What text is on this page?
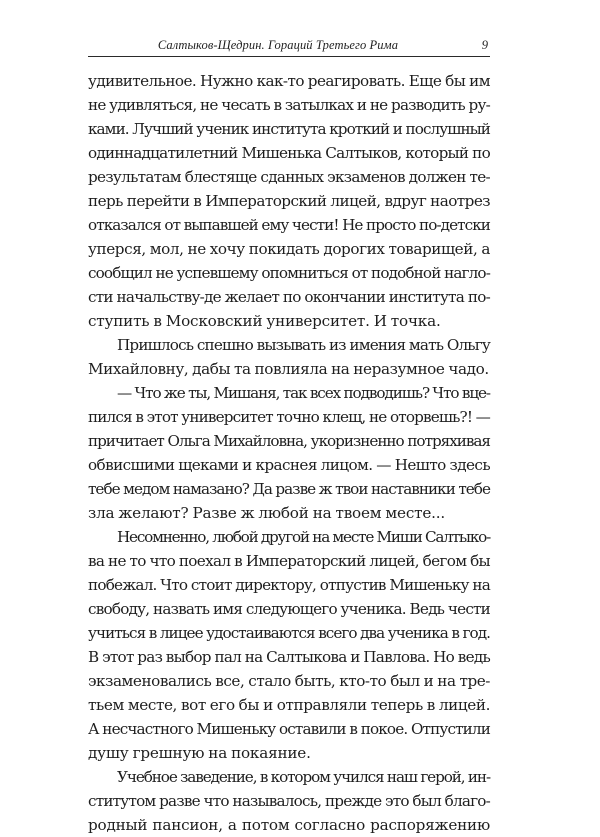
Салтыков-Щедрин. Гораций Третьего Рима	9

удивительное. Нужно как-то реагировать. Еще бы им
не удивляться, не чесать в затылках и не разводить ру-
ками. Лучший ученик института кроткий и послушный
одиннадцатилетний Мишенька Салтыков, который по
результатам блестяще сданных экзаменов должен те-
перь перейти в Императорский лицей, вдруг наотрез
отказался от выпавшей ему чести! Не просто по-детски
уперся, мол, не хочу покидать дорогих товарищей, а
сообщил не успевшему опомниться от подобной нагло-
сти начальству-де желает по окончании института по-
ступить в Московский университет. И точка.

Пришлось спешно вызывать из имения мать Ольгу
Михайловну, дабы та повлияла на неразумное чадо.

— Что же ты, Мишаня, так всех подводишь? Что вце-
пился в этот университет точно клещ, не оторвешь?! —
причитает Ольга Михайловна, укоризненно потряхивая
обвисшими щеками и краснея лицом. — Нешто здесь
тебе медом намазано? Да разве ж твои наставники тебе
зла желают? Разве ж любой на твоем месте...

Несомненно, любой другой на месте Миши Салтыко-
ва не то что поехал в Императорский лицей, бегом бы
побежал. Что стоит директору, отпустив Мишеньку на
свободу, назвать имя следующего ученика. Ведь чести
учиться в лицее удостаиваются всего два ученика в год.
В этот раз выбор пал на Салтыкова и Павлова. Но ведь
экзаменовались все, стало быть, кто-то был и на тре-
тьем месте, вот его бы и отправляли теперь в лицей.
А несчастного Мишеньку оставили в покое. Отпустили
душу грешную на покаяние.

Учебное заведение, в котором учился наш герой, ин-
ститутом разве что называлось, прежде это был благо-
родный пансион, а потом согласно распоряжению
